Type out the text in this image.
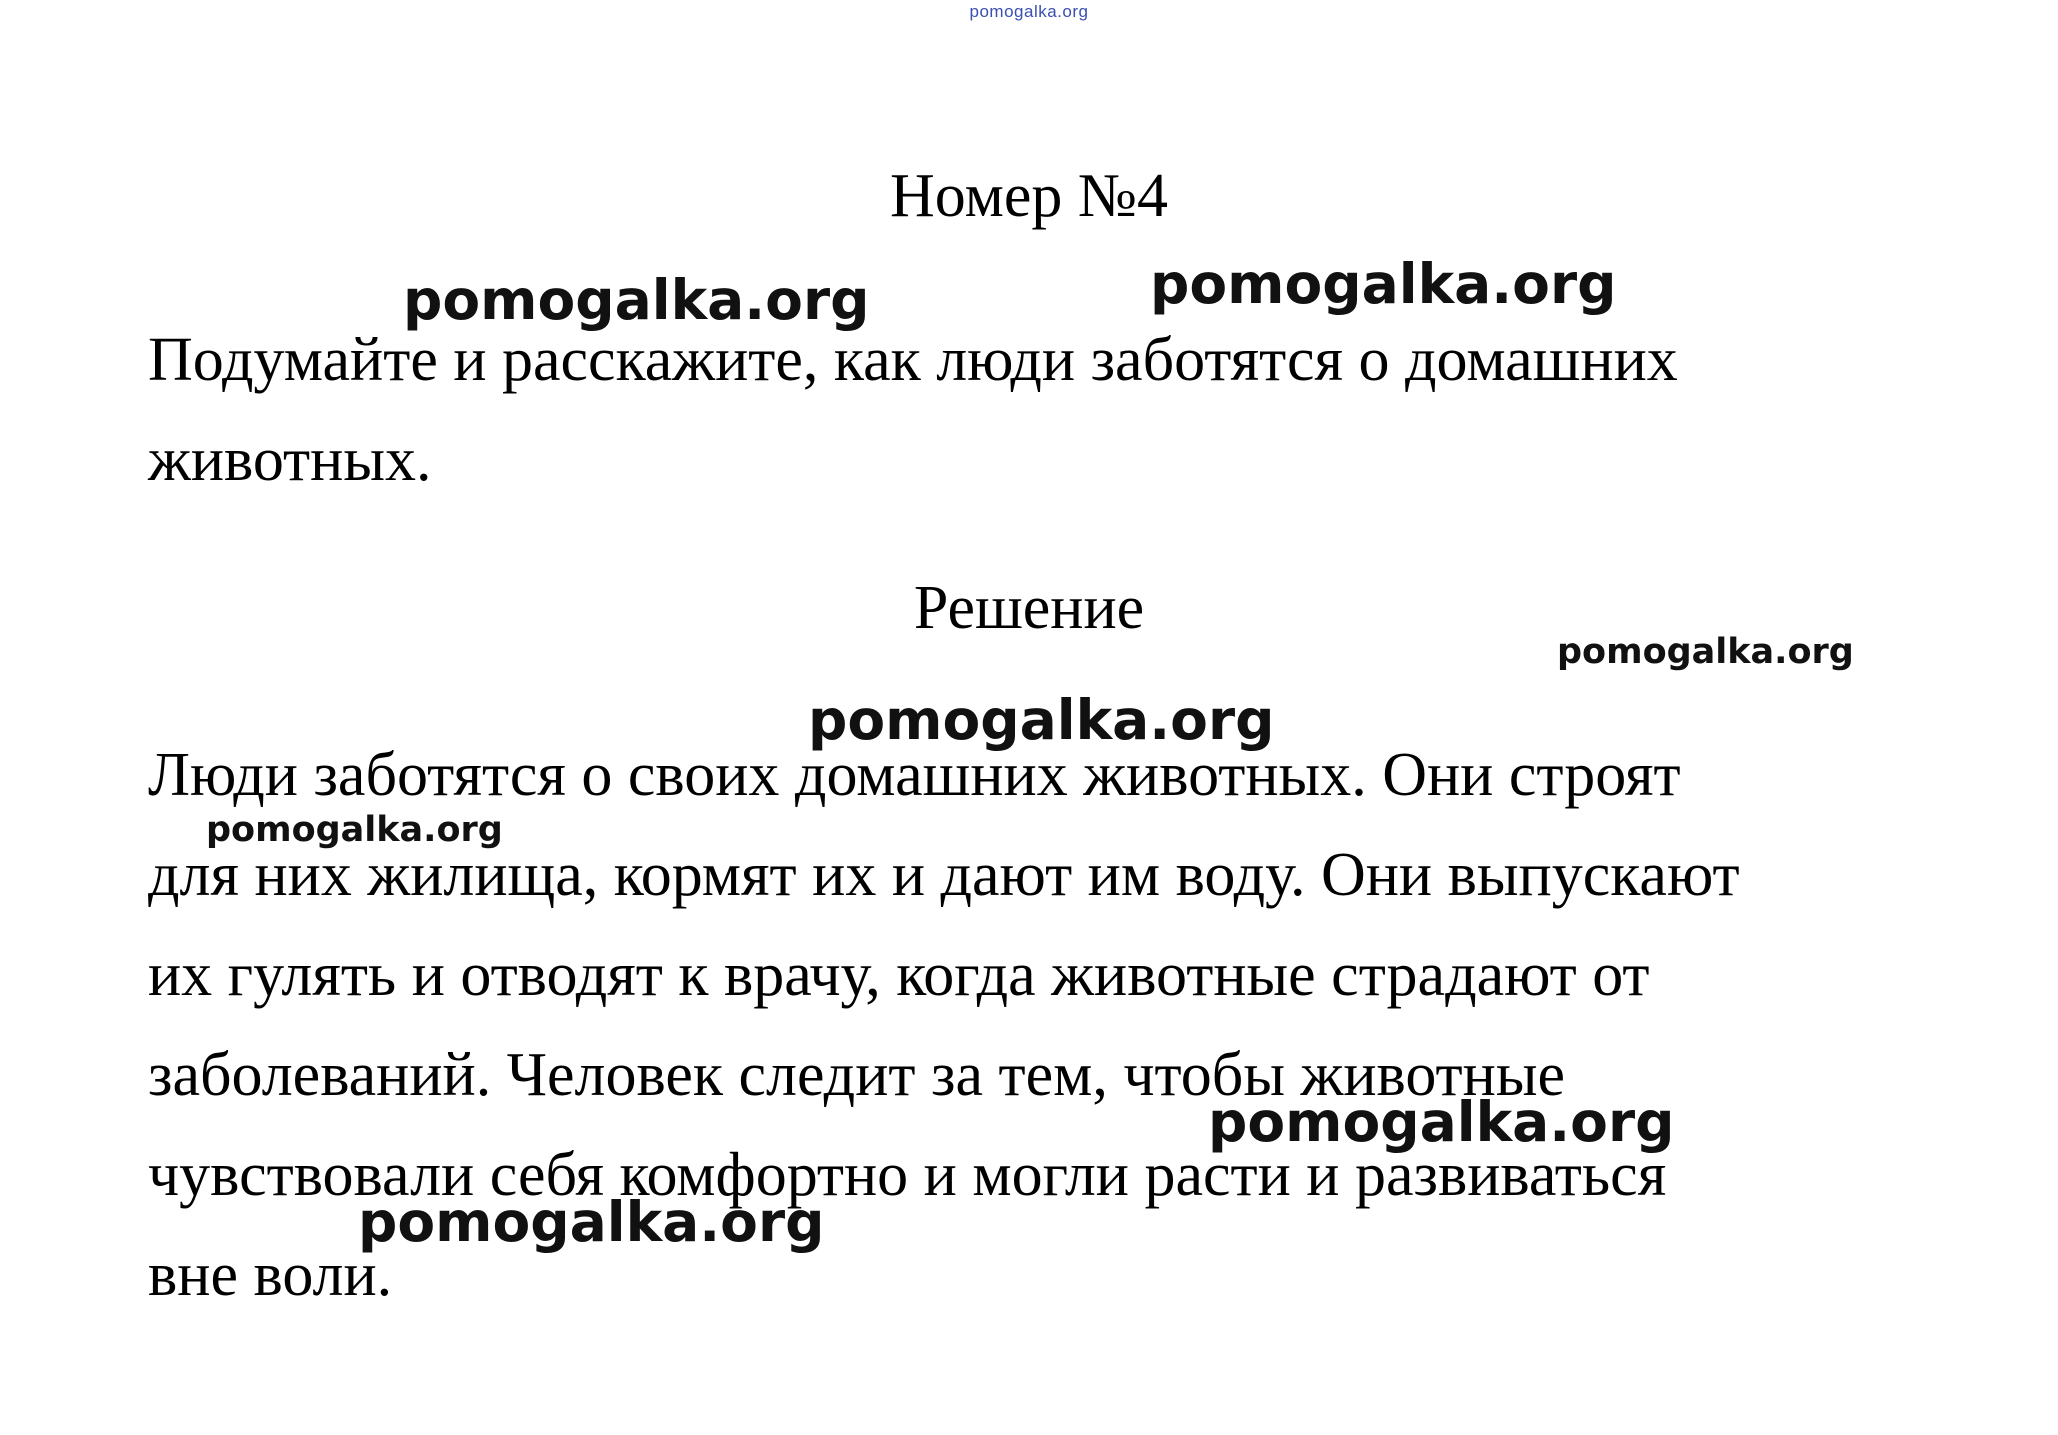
pomogalka.org
Номер №4
Подумайте и расскажите, как люди заботятся о домашних
животных.
Решение
Люди заботятся о своих домашних животных. Они строят
для них жилища, кормят их и дают им воду. Они выпускают
их гулять и отводят к врачу, когда животные страдают от
заболеваний. Человек следит за тем, чтобы животные
чувствовали себя комфортно и могли расти и развиваться
вне воли.
pomogalka.org	pomogalka.org
pomogalka.org
pomogalka.org
pomogalka.org
pomogalka.org
pomogalka.org
